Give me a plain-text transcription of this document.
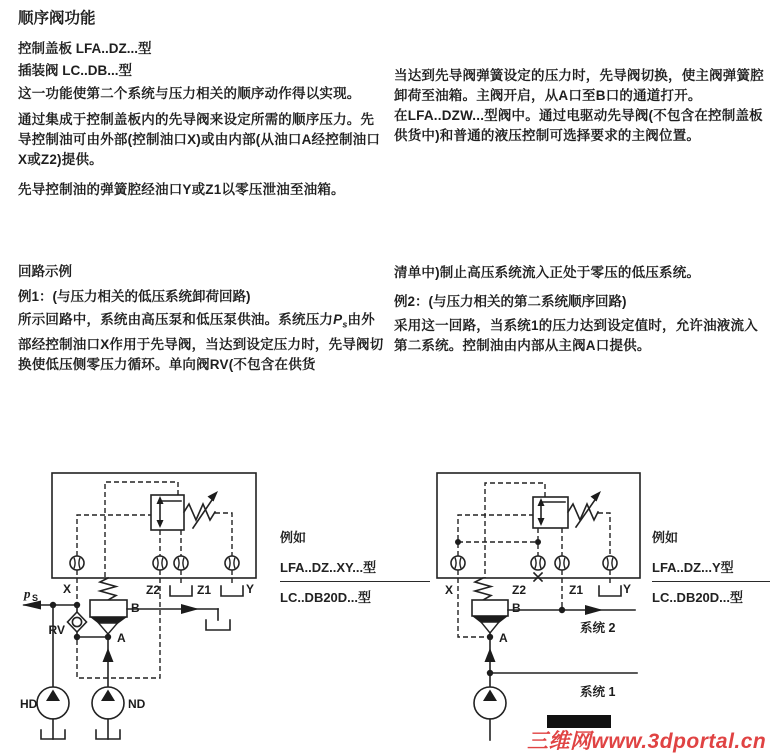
顺序阀功能
控制盖板 LFA..DZ...型
插装阀 LC..DB...型

这一功能使第二个系统与压力相关的顺序动作得以实现。

通过集成于控制盖板内的先导阀来设定所需的顺序压力。先导控制油可由外部(控制油口X)或由内部(从油口A经控制油口X或Z2)提供。

先导控制油的弹簧腔经油口Y或Z1以零压泄油至油箱。

当达到先导阀弹簧设定的压力时，先导阀切换，使主阀弹簧腔卸荷至油箱。主阀开启，从A口至B口的通道打开。

在LFA..DZW...型阀中。通过电驱动先导阀(不包含在控制盖板供货中)和普通的液压控制可选择要求的主阀位置。

回路示例
例1：(与压力相关的低压系统卸荷回路)
所示回路中，系统由高压泵和低压泵供油。系统压力$P_s$由外部经控制油口X作用于先导阀，当达到设定压力时，先导阀切换使低压侧零压力循环。单向阀RV(不包含在供货
清单中)制止高压系统流入正处于零压的低压系统。
例2：(与压力相关的第二系统顺序回路)
采用这一回路，当系统1的压力达到设定值时，允许油液流入第二系统。控制油由内部从主阀A口提供。
X	Z2	Z1	Y
B
A
p S
RV
HD	ND
例如
LFA..DZ..XY...型
LC..DB20D...型	X	Z2	Z1	Y
B
A
系统 2
系统 1
例如
LFA..DZ...Y型
LC..DB20D...型
三维网www.3dportal.cn
